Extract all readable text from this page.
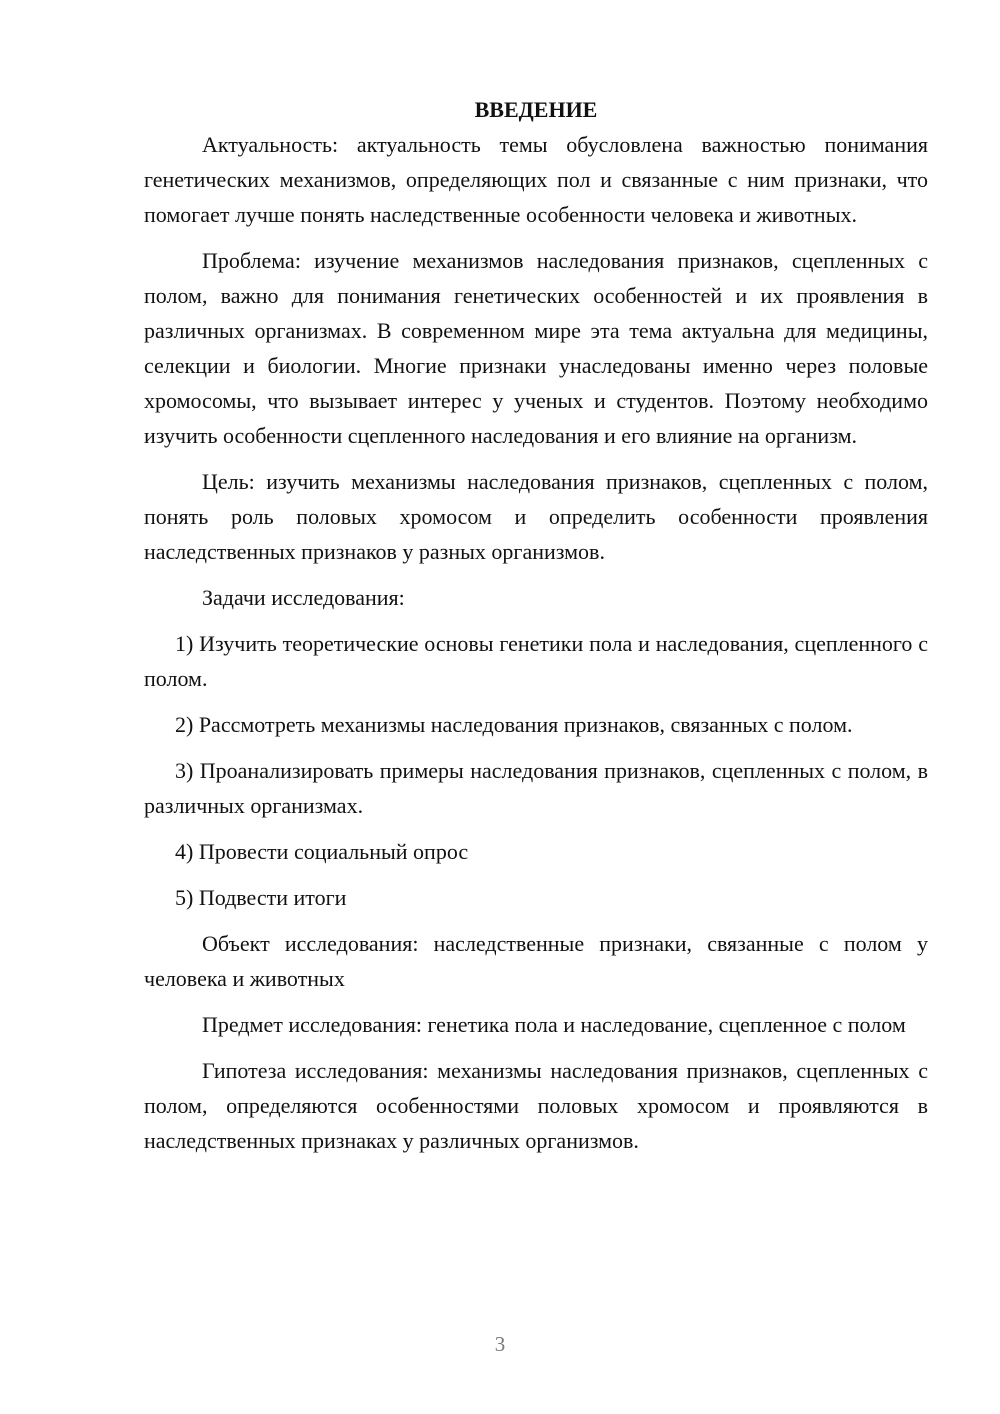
ВВЕДЕНИЕ

Актуальность: актуальность темы обусловлена важностью понимания генетических механизмов, определяющих пол и связанные с ним признаки, что помогает лучше понять наследственные особенности человека и животных.

Проблема: изучение механизмов наследования признаков, сцепленных с полом, важно для понимания генетических особенностей и их проявления в различных организмах. В современном мире эта тема актуальна для медицины, селекции и биологии. Многие признаки унаследованы именно через половые хромосомы, что вызывает интерес у ученых и студентов. Поэтому необходимо изучить особенности сцепленного наследования и его влияние на организм.

Цель: изучить механизмы наследования признаков, сцепленных с полом, понять роль половых хромосом и определить особенности проявления наследственных признаков у разных организмов.

Задачи исследования:

1) Изучить теоретические основы генетики пола и наследования, сцепленного с полом.

2) Рассмотреть механизмы наследования признаков, связанных с полом.

3) Проанализировать примеры наследования признаков, сцепленных с полом, в различных организмах.

4) Провести социальный опрос

5) Подвести итоги

Объект исследования: наследственные признаки, связанные с полом у человека и животных

Предмет исследования: генетика пола и наследование, сцепленное с полом

Гипотеза исследования: механизмы наследования признаков, сцепленных с полом, определяются особенностями половых хромосом и проявляются в наследственных признаках у различных организмов.

3
